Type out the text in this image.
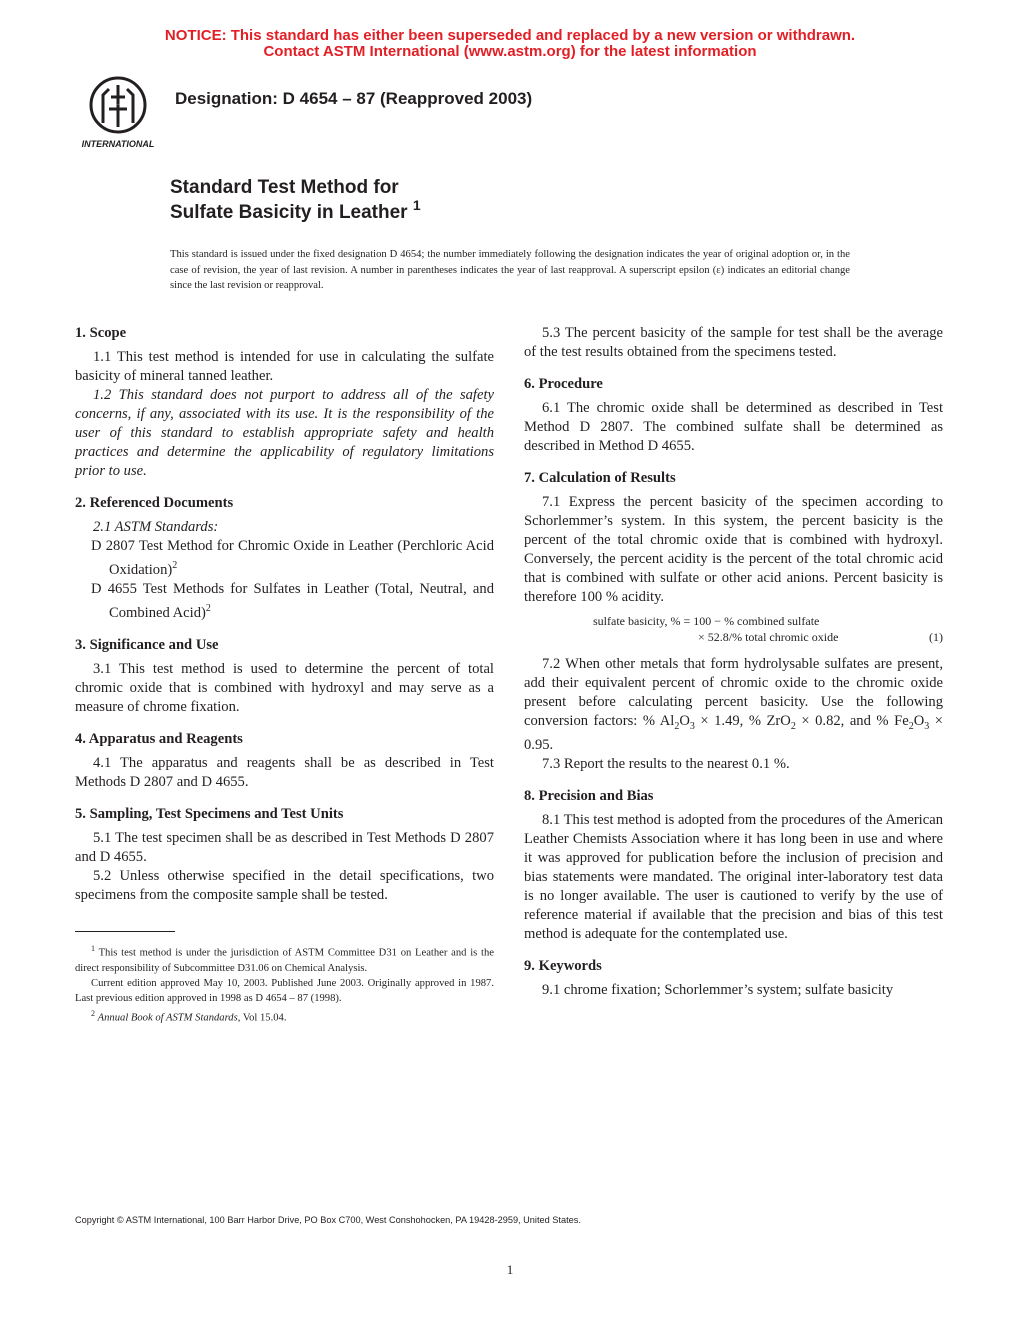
NOTICE: This standard has either been superseded and replaced by a new version or withdrawn.
Contact ASTM International (www.astm.org) for the latest information
INTERNATIONAL
ASTM	Designation: D 4654 – 87 (Reapproved 2003)
Standard Test Method for
Sulfate Basicity in Leather $^1$
This standard is issued under the fixed designation D 4654; the number immediately following the designation indicates the year of original adoption or, in the case of revision, the year of last revision. A number in parentheses indicates the year of last reapproval. A superscript epsilon (ε) indicates an editorial change since the last revision or reapproval.
1. Scope

1.1 This test method is intended for use in calculating the sulfate basicity of mineral tanned leather.

1.2 This standard does not purport to address all of the safety concerns, if any, associated with its use. It is the responsibility of the user of this standard to establish appropriate safety and health practices and determine the applicability of regulatory limitations prior to use.

2. Referenced Documents

2.1 ASTM Standards:

D 2807 Test Method for Chromic Oxide in Leather (Perchloric Acid Oxidation)$^2$

D 4655 Test Methods for Sulfates in Leather (Total, Neutral, and Combined Acid)$^2$

3. Significance and Use

3.1 This test method is used to determine the percent of total chromic oxide that is combined with hydroxyl and may serve as a measure of chrome fixation.

4. Apparatus and Reagents

4.1 The apparatus and reagents shall be as described in Test Methods D 2807 and D 4655.

5. Sampling, Test Specimens and Test Units

5.1 The test specimen shall be as described in Test Methods D 2807 and D 4655.

5.2 Unless otherwise specified in the detail specifications, two specimens from the composite sample shall be tested.

5.3 The percent basicity of the sample for test shall be the average of the test results obtained from the specimens tested.

6. Procedure

6.1 The chromic oxide shall be determined as described in Test Method D 2807. The combined sulfate shall be determined as described in Method D 4655.

7. Calculation of Results

7.1 Express the percent basicity of the specimen according to Schorlemmer’s system. In this system, the percent basicity is the percent of the total chromic oxide that is combined with hydroxyl. Conversely, the percent acidity is the percent of the total chromic acid that is combined with sulfate or other acid anions. Percent basicity is therefore 100 % acidity.

sulfate basicity, % = 100 − % combined sulfate
× 52.8/% total chromic oxide	(1)

7.2 When other metals that form hydrolysable sulfates are present, add their equivalent percent of chromic oxide to the chromic oxide present before calculating percent basicity. Use the following conversion factors: % $Al_2O_3 \times 1.49$, % ZrO$_2$ × 0.82, and % $Fe_2O_3 \times 0.95$.

7.3 Report the results to the nearest 0.1 %.

8. Precision and Bias

8.1 This test method is adopted from the procedures of the American Leather Chemists Association where it has long been in use and where it was approved for publication before the inclusion of precision and bias statements were mandated. The original inter-laboratory test data is no longer available. The user is cautioned to verify by the use of reference material if available that the precision and bias of this test method is adequate for the contemplated use.

9. Keywords

9.1 chrome fixation; Schorlemmer’s system; sulfate basicity

$^1$ This test method is under the jurisdiction of ASTM Committee D31 on Leather and is the direct responsibility of Subcommittee D31.06 on Chemical Analysis.

Current edition approved May 10, 2003. Published June 2003. Originally approved in 1987. Last previous edition approved in 1998 as D 4654 – 87 (1998).

$^2$ Annual Book of ASTM Standards, Vol 15.04.

Copyright © ASTM International, 100 Barr Harbor Drive, PO Box C700, West Conshohocken, PA 19428-2959, United States.
1
